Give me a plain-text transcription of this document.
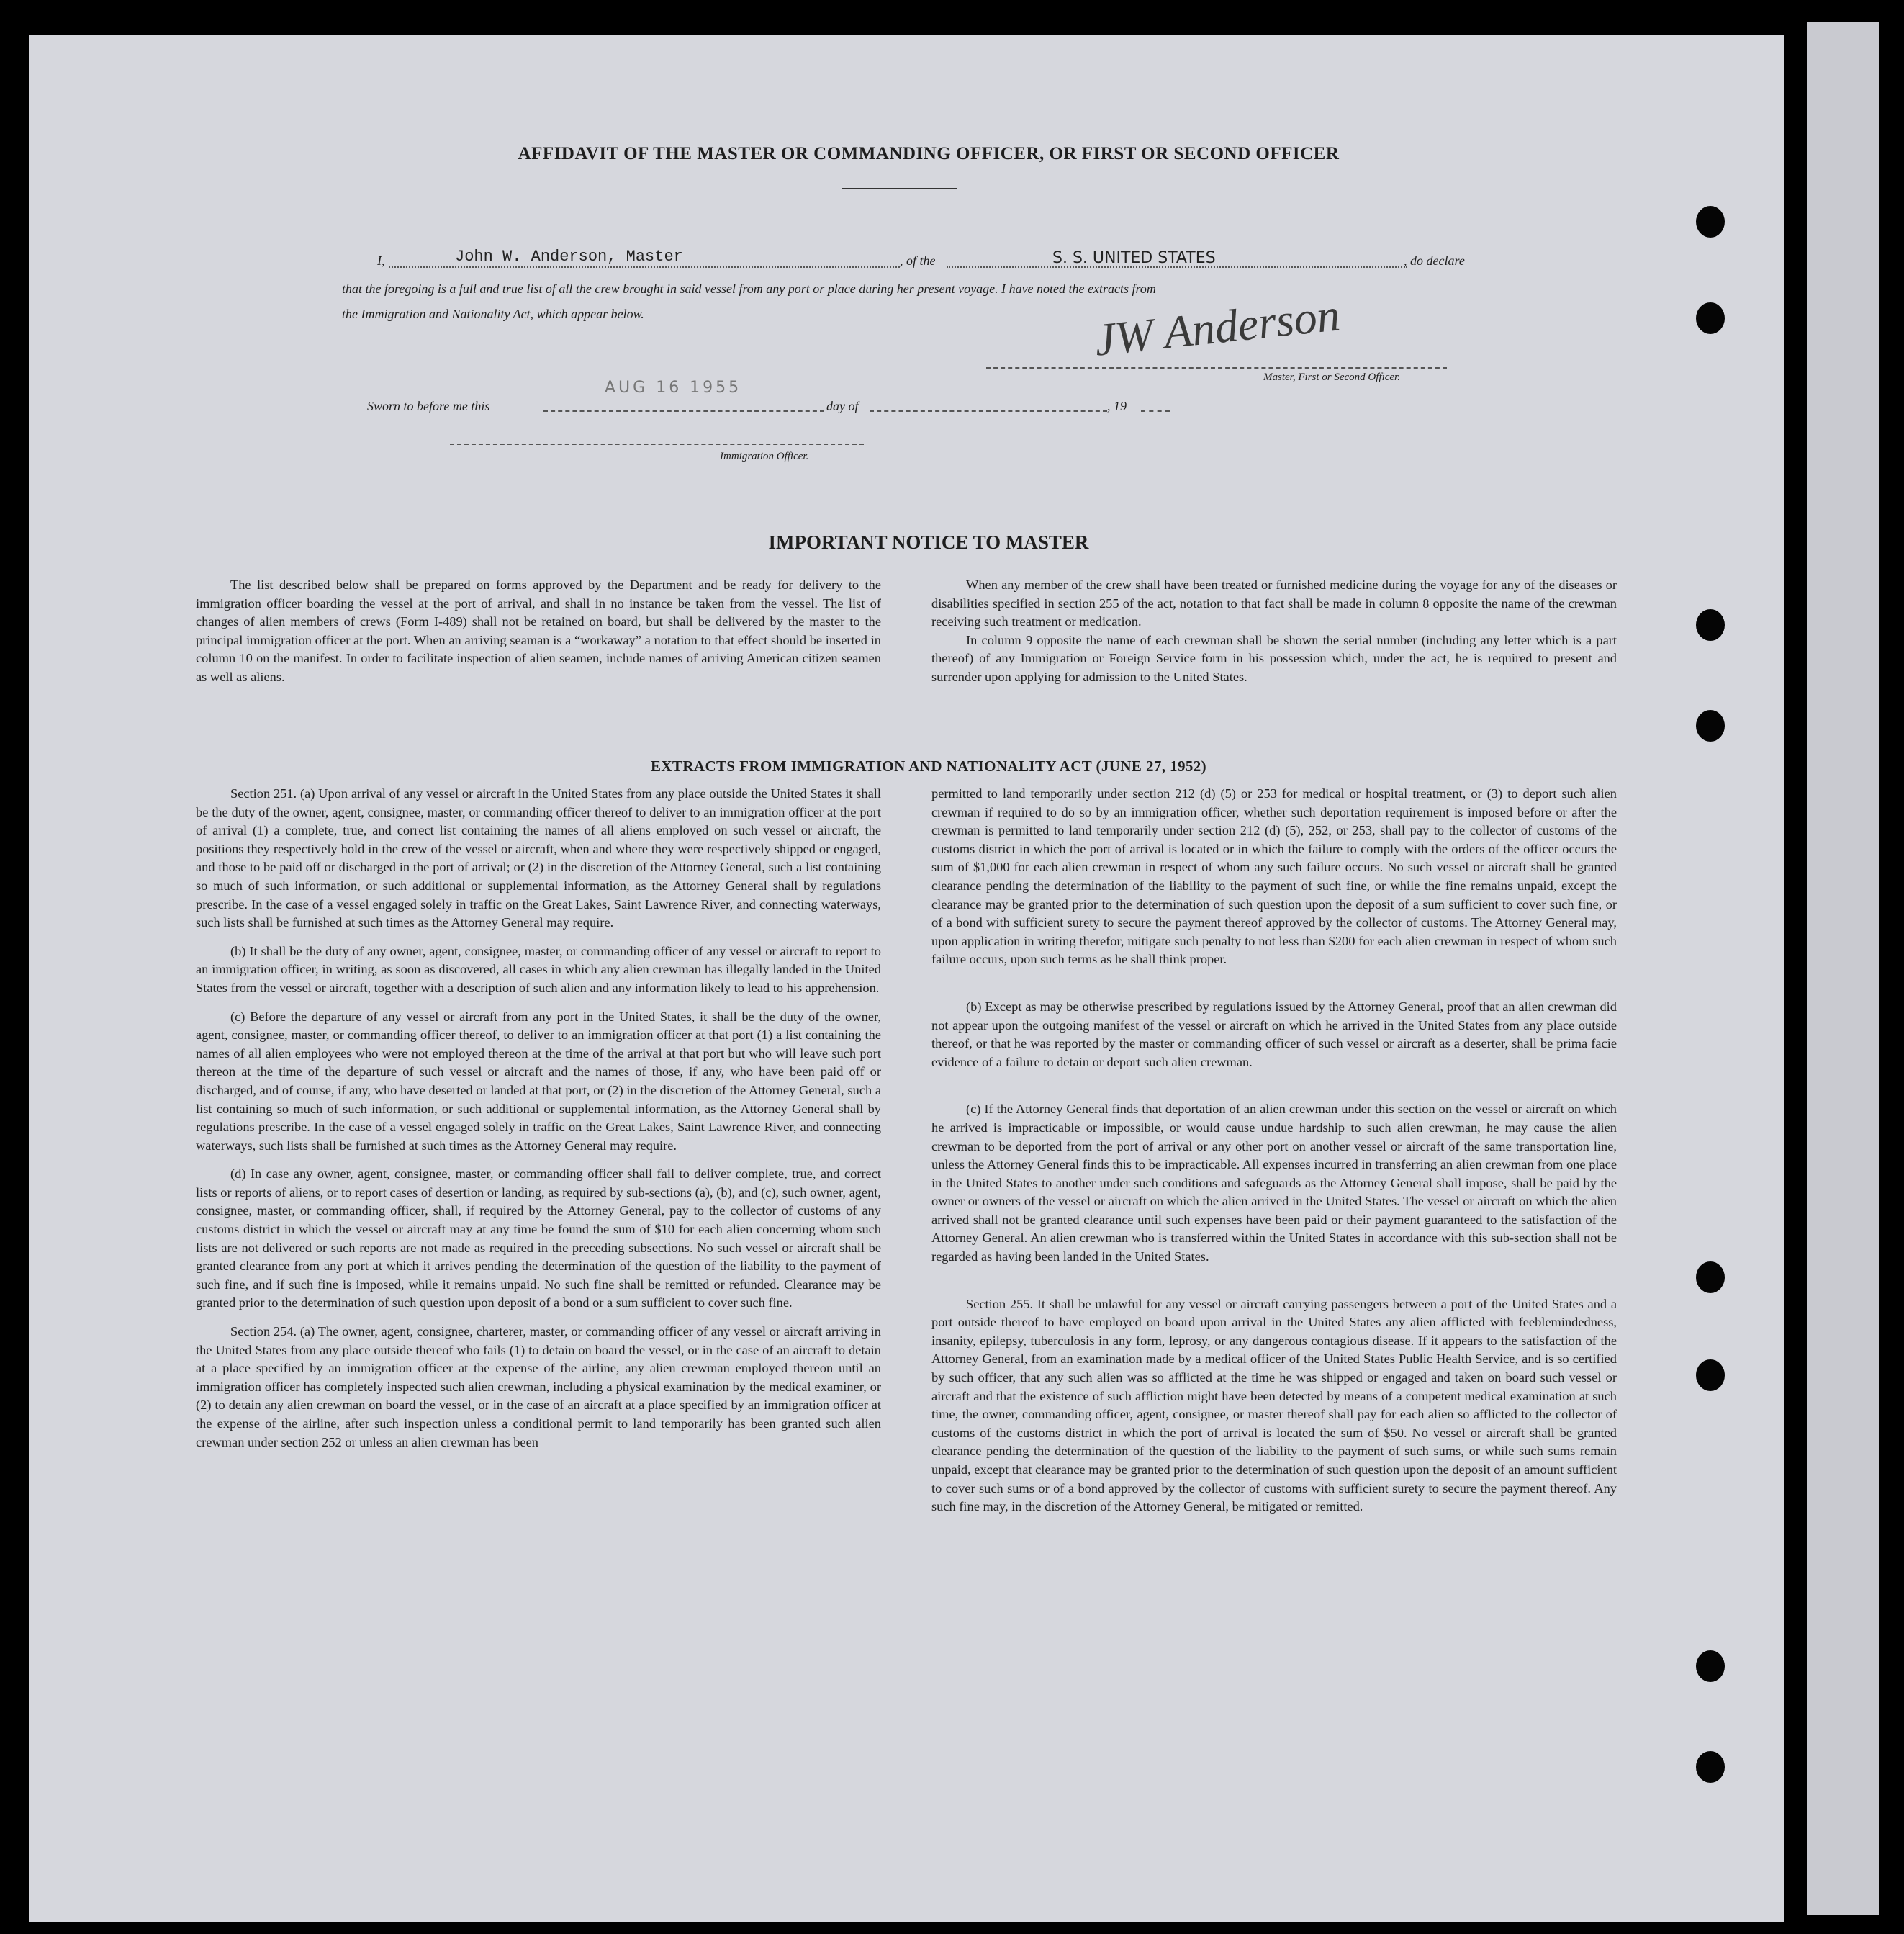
AFFIDAVIT OF THE MASTER OR COMMANDING OFFICER, OR FIRST OR SECOND OFFICER
I,	John W. Anderson, Master	, of the	S. S. UNITED STATES	, do declare
that the foregoing is a full and true list of all the crew brought in said vessel from any port or place during her present voyage. I have noted the extracts from
the Immigration and Nationality Act, which appear below.	JW Anderson
Master, First or Second Officer.
AUG 16 1955
Sworn to before me this	day of	, 19
Immigration Officer.
IMPORTANT NOTICE TO MASTER

The list described below shall be prepared on forms approved by the Department and be ready for delivery to the immigration officer boarding the vessel at the port of arrival, and shall in no instance be taken from the vessel. The list of changes of alien members of crews (Form I-489) shall not be retained on board, but shall be delivered by the master to the principal immigration officer at the port. When an arriving seaman is a “workaway” a notation to that effect should be inserted in column 10 on the manifest. In order to facilitate inspection of alien seamen, include names of arriving American citizen seamen as well as aliens.

When any member of the crew shall have been treated or furnished medicine during the voyage for any of the diseases or disabilities specified in section 255 of the act, notation to that fact shall be made in column 8 opposite the name of the crewman receiving such treatment or medication.

In column 9 opposite the name of each crewman shall be shown the serial number (including any letter which is a part thereof) of any Immigration or Foreign Service form in his possession which, under the act, he is required to present and surrender upon applying for admission to the United States.

EXTRACTS FROM IMMIGRATION AND NATIONALITY ACT (JUNE 27, 1952)

Section 251. (a) Upon arrival of any vessel or aircraft in the United States from any place outside the United States it shall be the duty of the owner, agent, consignee, master, or commanding officer thereof to deliver to an immigration officer at the port of arrival (1) a complete, true, and correct list containing the names of all aliens employed on such vessel or aircraft, the positions they respectively hold in the crew of the vessel or aircraft, when and where they were respectively shipped or engaged, and those to be paid off or discharged in the port of arrival; or (2) in the discretion of the Attorney General, such a list containing so much of such information, or such additional or supplemental information, as the Attorney General shall by regulations prescribe. In the case of a vessel engaged solely in traffic on the Great Lakes, Saint Lawrence River, and connecting waterways, such lists shall be furnished at such times as the Attorney General may require.

(b) It shall be the duty of any owner, agent, consignee, master, or commanding officer of any vessel or aircraft to report to an immigration officer, in writing, as soon as discovered, all cases in which any alien crewman has illegally landed in the United States from the vessel or aircraft, together with a description of such alien and any information likely to lead to his apprehension.

(c) Before the departure of any vessel or aircraft from any port in the United States, it shall be the duty of the owner, agent, consignee, master, or commanding officer thereof, to deliver to an immigration officer at that port (1) a list containing the names of all alien employees who were not employed thereon at the time of the arrival at that port but who will leave such port thereon at the time of the departure of such vessel or aircraft and the names of those, if any, who have been paid off or discharged, and of course, if any, who have deserted or landed at that port, or (2) in the discretion of the Attorney General, such a list containing so much of such information, or such additional or supplemental information, as the Attorney General shall by regulations prescribe. In the case of a vessel engaged solely in traffic on the Great Lakes, Saint Lawrence River, and connecting waterways, such lists shall be furnished at such times as the Attorney General may require.

(d) In case any owner, agent, consignee, master, or commanding officer shall fail to deliver complete, true, and correct lists or reports of aliens, or to report cases of desertion or landing, as required by sub-sections (a), (b), and (c), such owner, agent, consignee, master, or commanding officer, shall, if required by the Attorney General, pay to the collector of customs of any customs district in which the vessel or aircraft may at any time be found the sum of $10 for each alien concerning whom such lists are not delivered or such reports are not made as required in the preceding subsections. No such vessel or aircraft shall be granted clearance from any port at which it arrives pending the determination of the question of the liability to the payment of such fine, and if such fine is imposed, while it remains unpaid. No such fine shall be remitted or refunded. Clearance may be granted prior to the determination of such question upon deposit of a bond or a sum sufficient to cover such fine.

Section 254. (a) The owner, agent, consignee, charterer, master, or commanding officer of any vessel or aircraft arriving in the United States from any place outside thereof who fails (1) to detain on board the vessel, or in the case of an aircraft to detain at a place specified by an immigration officer at the expense of the airline, any alien crewman employed thereon until an immigration officer has completely inspected such alien crewman, including a physical examination by the medical examiner, or (2) to detain any alien crewman on board the vessel, or in the case of an aircraft at a place specified by an immigration officer at the expense of the airline, after such inspection unless a conditional permit to land temporarily has been granted such alien crewman under section 252 or unless an alien crewman has been

permitted to land temporarily under section 212 (d) (5) or 253 for medical or hospital treatment, or (3) to deport such alien crewman if required to do so by an immigration officer, whether such deportation requirement is imposed before or after the crewman is permitted to land temporarily under section 212 (d) (5), 252, or 253, shall pay to the collector of customs of the customs district in which the port of arrival is located or in which the failure to comply with the orders of the officer occurs the sum of $1,000 for each alien crewman in respect of whom any such failure occurs. No such vessel or aircraft shall be granted clearance pending the determination of the liability to the payment of such fine, or while the fine remains unpaid, except the clearance may be granted prior to the determination of such question upon the deposit of a sum sufficient to cover such fine, or of a bond with sufficient surety to secure the payment thereof approved by the collector of customs. The Attorney General may, upon application in writing therefor, mitigate such penalty to not less than $200 for each alien crewman in respect of whom such failure occurs, upon such terms as he shall think proper.

(b) Except as may be otherwise prescribed by regulations issued by the Attorney General, proof that an alien crewman did not appear upon the outgoing manifest of the vessel or aircraft on which he arrived in the United States from any place outside thereof, or that he was reported by the master or commanding officer of such vessel or aircraft as a deserter, shall be prima facie evidence of a failure to detain or deport such alien crewman.

(c) If the Attorney General finds that deportation of an alien crewman under this section on the vessel or aircraft on which he arrived is impracticable or impossible, or would cause undue hardship to such alien crewman, he may cause the alien crewman to be deported from the port of arrival or any other port on another vessel or aircraft of the same transportation line, unless the Attorney General finds this to be impracticable. All expenses incurred in transferring an alien crewman from one place in the United States to another under such conditions and safeguards as the Attorney General shall impose, shall be paid by the owner or owners of the vessel or aircraft on which the alien arrived in the United States. The vessel or aircraft on which the alien arrived shall not be granted clearance until such expenses have been paid or their payment guaranteed to the satisfaction of the Attorney General. An alien crewman who is transferred within the United States in accordance with this sub-section shall not be regarded as having been landed in the United States.

Section 255. It shall be unlawful for any vessel or aircraft carrying passengers between a port of the United States and a port outside thereof to have employed on board upon arrival in the United States any alien afflicted with feeblemindedness, insanity, epilepsy, tuberculosis in any form, leprosy, or any dangerous contagious disease. If it appears to the satisfaction of the Attorney General, from an examination made by a medical officer of the United States Public Health Service, and is so certified by such officer, that any such alien was so afflicted at the time he was shipped or engaged and taken on board such vessel or aircraft and that the existence of such affliction might have been detected by means of a competent medical examination at such time, the owner, commanding officer, agent, consignee, or master thereof shall pay for each alien so afflicted to the collector of customs of the customs district in which the port of arrival is located the sum of $50. No vessel or aircraft shall be granted clearance pending the determination of the question of the liability to the payment of such sums, or while such sums remain unpaid, except that clearance may be granted prior to the determination of such question upon the deposit of an amount sufficient to cover such sums or of a bond approved by the collector of customs with sufficient surety to secure the payment thereof. Any such fine may, in the discretion of the Attorney General, be mitigated or remitted.
